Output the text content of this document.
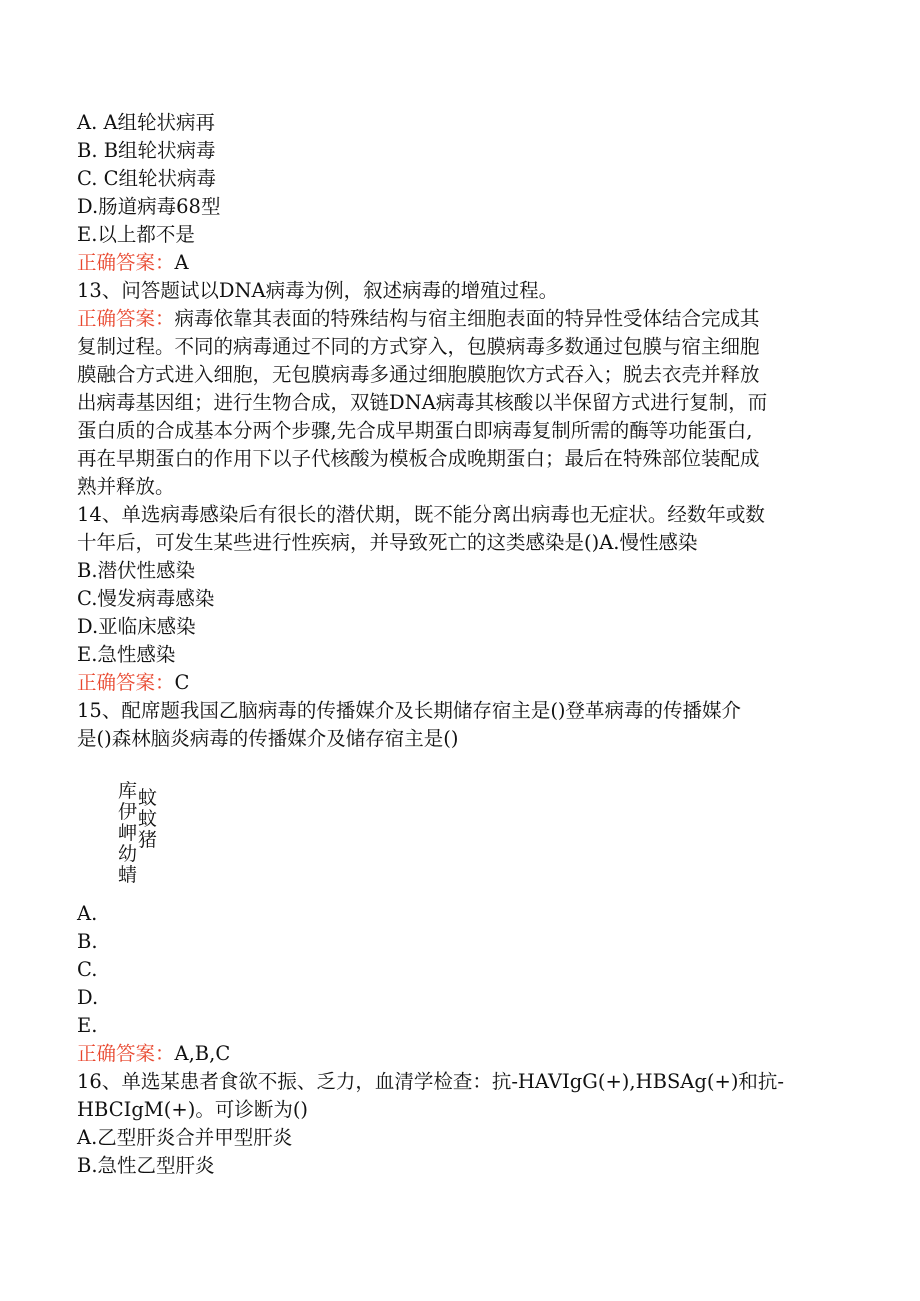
A. A组轮状病再
B. B组轮状病毒
C. C组轮状病毒
D.肠道病毒68型
E.以上都不是
正确答案：A
13、问答题试以DNA病毒为例，叙述病毒的增殖过程。
正确答案：病毒依靠其表面的特殊结构与宿主细胞表面的特异性受体结合完成其
复制过程。不同的病毒通过不同的方式穿入，包膜病毒多数通过包膜与宿主细胞
膜融合方式进入细胞，无包膜病毒多通过细胞膜胞饮方式吞入；脱去衣壳并释放
出病毒基因组；进行生物合成，双链DNA病毒其核酸以半保留方式进行复制，而
蛋白质的合成基本分两个步骤,先合成早期蛋白即病毒复制所需的酶等功能蛋白,
再在早期蛋白的作用下以子代核酸为模板合成晚期蛋白；最后在特殊部位装配成
熟并释放。
14、单选病毒感染后有很长的潜伏期，既不能分离出病毒也无症状。经数年或数
十年后，可发生某些进行性疾病，并导致死亡的这类感染是()A.慢性感染
B.潜伏性感染
C.慢发病毒感染
D.亚临床感染
E.急性感染
正确答案：C
15、配席题我国乙脑病毒的传播媒介及长期储存宿主是()登革病毒的传播媒介
是()森林脑炎病毒的传播媒介及储存宿主是()
库
伊
岬
幼
蜻
蚊
蚊
猪
A.
B.
C.
D.
E.
正确答案：A,B,C
16、单选某患者食欲不振、乏力，血清学检查：抗-HAVIgG(+),HBSAg(+)和抗-
HBCIgM(+)。可诊断为()
A.乙型肝炎合并甲型肝炎
B.急性乙型肝炎
